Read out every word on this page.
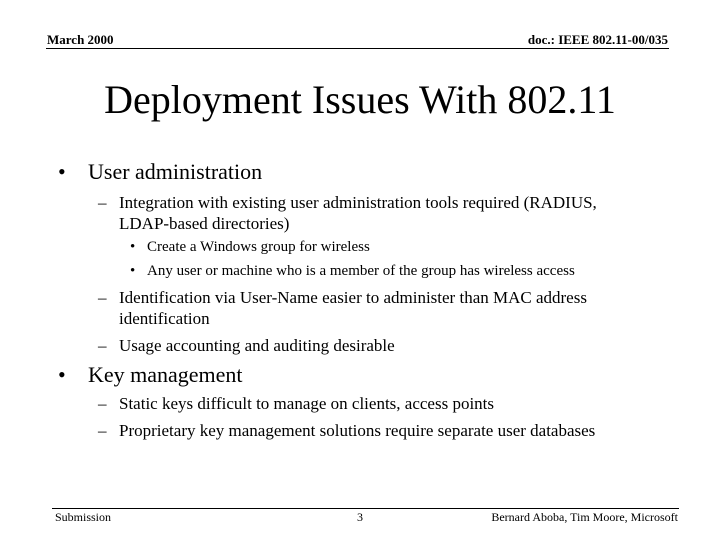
March 2000	doc.: IEEE 802.11-00/035
Deployment Issues With 802.11
• User administration
– Integration with existing user administration tools required (RADIUS, LDAP-based directories)
• Create a Windows group for wireless
• Any user or machine who is a member of the group has wireless access
– Identification via User-Name easier to administer than MAC address identification
– Usage accounting and auditing desirable
• Key management
– Static keys difficult to manage on clients, access points
– Proprietary key management solutions require separate user databases
Submission	3	Bernard Aboba, Tim Moore, Microsoft
